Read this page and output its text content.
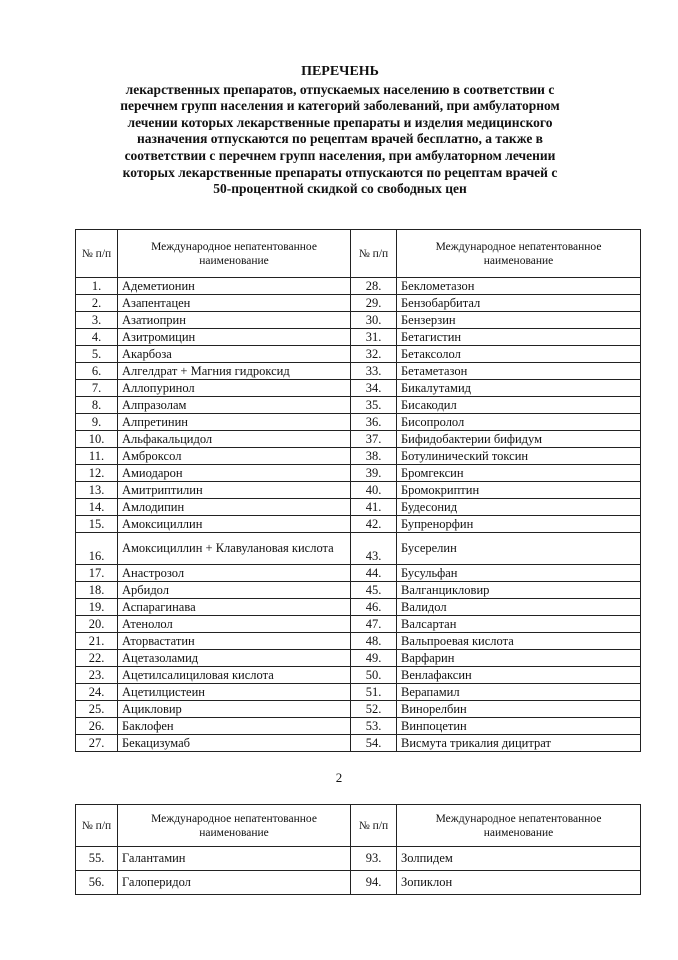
ПЕРЕЧЕНЬ
лекарственных препаратов, отпускаемых населению в соответствии с
перечнем групп населения и категорий заболеваний, при амбулаторном
лечении которых лекарственные препараты и изделия медицинского
назначения отпускаются по рецептам врачей бесплатно, а также в
соответствии с перечнем групп населения, при амбулаторном лечении
которых лекарственные препараты отпускаются по рецептам врачей с
50-процентной скидкой со свободных цен
№ п/п	Международное непатентованное наименование	№ п/п	Международное непатентованное наименование
1.	Адеметионин	28.	Беклометазон
2.	Азапентацен	29.	Бензобарбитал
3.	Азатиоприн	30.	Бензерзин
4.	Азитромицин	31.	Бетагистин
5.	Акарбоза	32.	Бетаксолол
6.	Алгелдрат + Магния гидроксид	33.	Бетаметазон
7.	Аллопуринол	34.	Бикалутамид
8.	Алпразолам	35.	Бисакодил
9.	Алпретинин	36.	Бисопролол
10.	Альфакальцидол	37.	Бифидобактерии бифидум
11.	Амброксол	38.	Ботулинический токсин
12.	Амиодарон	39.	Бромгексин
13.	Амитриптилин	40.	Бромокриптин
14.	Амлодипин	41.	Будесонид
15.	Амоксициллин	42.	Бупренорфин
16.	Амоксициллин + Клавулановая кислота	43.	Бусерелин
17.	Анастрозол	44.	Бусульфан
18.	Арбидол	45.	Валганцикловир
19.	Аспарагинава	46.	Валидол
20.	Атенолол	47.	Валсартан
21.	Аторвастатин	48.	Вальпроевая кислота
22.	Ацетазоламид	49.	Варфарин
23.	Ацетилсалициловая кислота	50.	Венлафаксин
24.	Ацетилцистеин	51.	Верапамил
25.	Ацикловир	52.	Винорелбин
26.	Баклофен	53.	Винпоцетин
27.	Бекацизумаб	54.	Висмута трикалия дицитрат
2
№ п/п	Международное непатентованное наименование	№ п/п	Международное непатентованное наименование
55.	Галантамин	93.	Золпидем
56.	Галоперидол	94.	Зопиклон
